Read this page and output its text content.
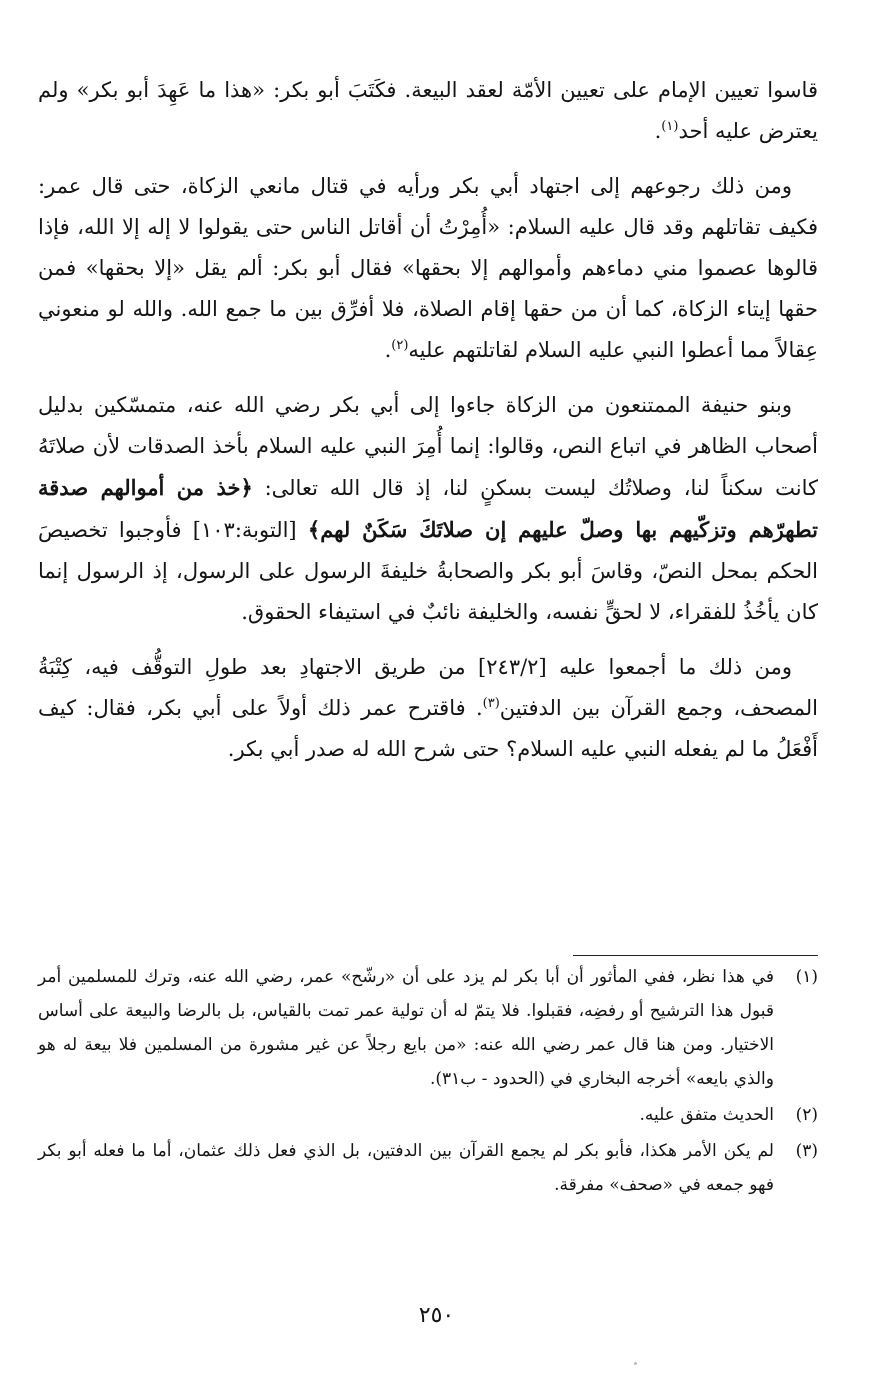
قاسوا تعيين الإمام على تعيين الأمّة لعقد البيعة. فكَتَبَ أبو بكر: «هذا ما عَهِدَ أبو بكر» ولم يعترض عليه أحد$^{(١)}$.

ومن ذلك رجوعهم إلى اجتهاد أبي بكر ورأيه في قتال مانعي الزكاة، حتى قال عمر: فكيف تقاتلهم وقد قال عليه السلام: «أُمِرْتُ أن أقاتل الناس حتى يقولوا لا إله إلا الله، فإذا قالوها عصموا مني دماءهم وأموالهم إلا بحقها» فقال أبو بكر: ألم يقل «إلا بحقها» فمن حقها إيتاء الزكاة، كما أن من حقها إقام الصلاة، فلا أفرِّق بين ما جمع الله. والله لو منعوني عِقالاً مما أعطوا النبي عليه السلام لقاتلتهم عليه$^{(٢)}$.

وبنو حنيفة الممتنعون من الزكاة جاءوا إلى أبي بكر رضي الله عنه، متمسّكين بدليل أصحاب الظاهر في اتباع النص، وقالوا: إنما أُمِرَ النبي عليه السلام بأخذ الصدقات لأن صلاتَهُ كانت سكناً لنا، وصلاتُك ليست بسكنٍ لنا، إذ قال الله تعالى: ﴿خذ من أموالهم صدقة تطهرّهم وتزكّيهم بها وصلّ عليهم إن صلاتَكَ سَكَنٌ لهم﴾ [التوبة:١٠٣] فأوجبوا تخصيصَ الحكم بمحل النصّ، وقاسَ أبو بكر والصحابةُ خليفةَ الرسول على الرسول، إذ الرسول إنما كان يأخُذُ للفقراء، لا لحقٍّ نفسه، والخليفة نائبٌ في استيفاء الحقوق.

ومن ذلك ما أجمعوا عليه [٢٤٣/٢] من طريق الاجتهادِ بعد طولِ التوقُّف فيه، كِتْبَةُ المصحف، وجمع القرآن بين الدفتين$^{(٣)}$. فاقترح عمر ذلك أولاً على أبي بكر، فقال: كيف أَفْعَلُ ما لم يفعله النبي عليه السلام؟ حتى شرح الله له صدر أبي بكر.

(١)
في هذا نظر، ففي المأثور أن أبا بكر لم يزد على أن «رشّح» عمر، رضي الله عنه، وترك للمسلمين أمر قبول هذا الترشيح أو رفضِه، فقبلوا. فلا يتمّ له أن تولية عمر تمت بالقياس، بل بالرضا والبيعة على أساس الاختيار. ومن هنا قال عمر رضي الله عنه: «من بايع رجلاً عن غير مشورة من المسلمين فلا بيعة له هو والذي بايعه» أخرجه البخاري في (الحدود - ب٣١).
(٢)
الحديث متفق عليه.
(٣)
لم يكن الأمر هكذا، فأبو بكر لم يجمع القرآن بين الدفتين، بل الذي فعل ذلك عثمان، أما ما فعله أبو بكر فهو جمعه في «صحف» مفرقة.
٢٥٠
